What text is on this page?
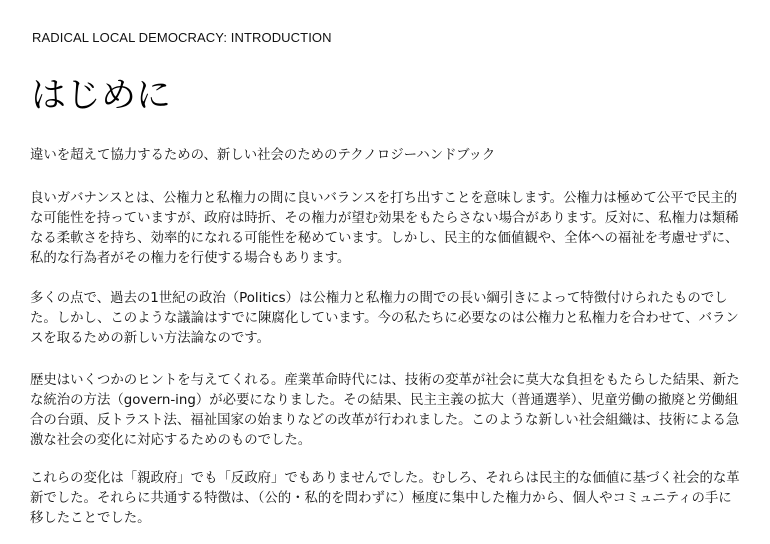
RADICAL LOCAL DEMOCRACY: INTRODUCTION
はじめに

違いを超えて協力するための、新しい社会のためのテクノロジーハンドブック

良いガバナンスとは、公権力と私権力の間に良いバランスを打ち出すことを意味します。公権力は極めて公平で民主的な可能性を持っていますが、政府は時折、その権力が望む効果をもたらさない場合があります。反対に、私権力は類稀なる柔軟さを持ち、効率的になれる可能性を秘めています。しかし、民主的な価値観や、全体への福祉を考慮せずに、私的な行為者がその権力を行使する場合もあります。

多くの点で、過去の1世紀の政治（Politics）は公権力と私権力の間での長い綱引きによって特徴付けられたものでした。しかし、このような議論はすでに陳腐化しています。今の私たちに必要なのは公権力と私権力を合わせて、バランスを取るための新しい方法論なのです。

歴史はいくつかのヒントを与えてくれる。産業革命時代には、技術の変革が社会に莫大な負担をもたらした結果、新たな統治の方法（govern-ing）が必要になりました。その結果、民主主義の拡大（普通選挙）、児童労働の撤廃と労働組合の台頭、反トラスト法、福祉国家の始まりなどの改革が行われました。このような新しい社会組織は、技術による急激な社会の変化に対応するためのものでした。

これらの変化は「親政府」でも「反政府」でもありませんでした。むしろ、それらは民主的な価値に基づく社会的な革新でした。それらに共通する特徴は、（公的・私的を問わずに）極度に集中した権力から、個人やコミュニティの手に移したことでした。
